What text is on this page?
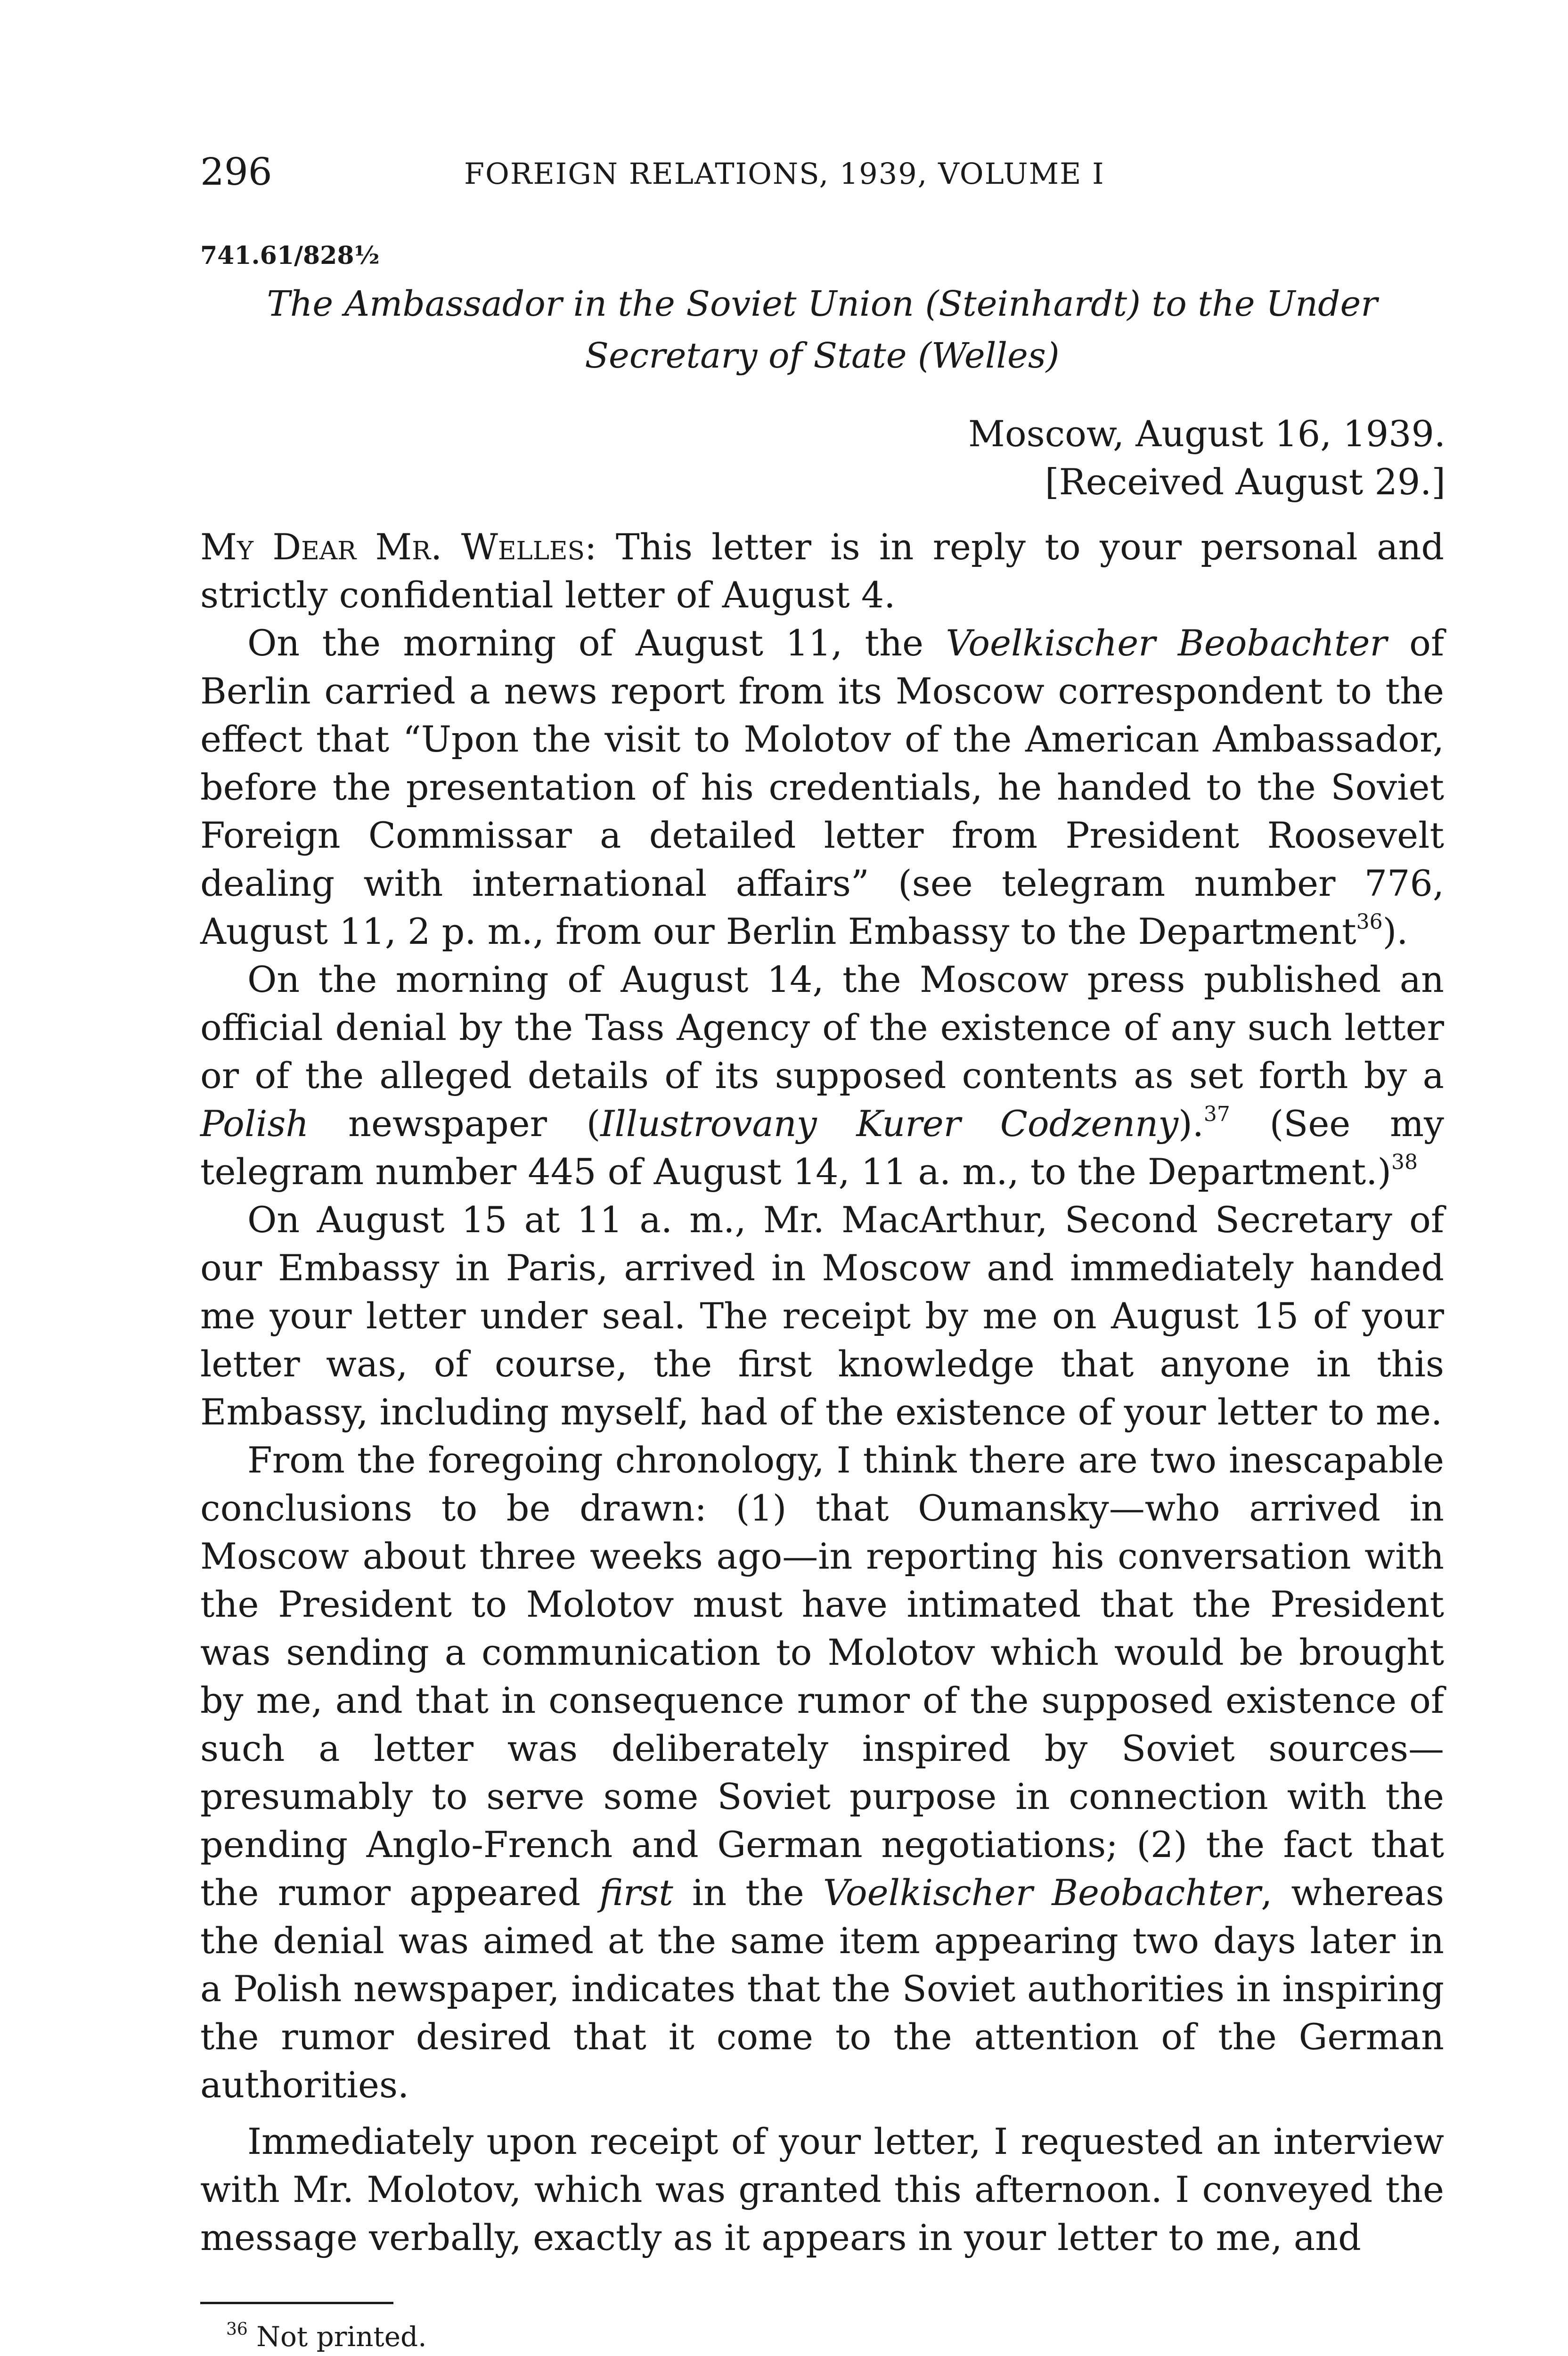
296	FOREIGN RELATIONS, 1939, VOLUME I
741.61/828½
The Ambassador in the Soviet Union (Steinhardt) to the Under
Secretary of State (Welles)
Moscow, August 16, 1939.
[Received August 29.]

My Dear Mr. Welles: This letter is in reply to your personal and strictly confidential letter of August 4.

On the morning of August 11, the Voelkischer Beobachter of Berlin carried a news report from its Moscow correspondent to the effect that “Upon the visit to Molotov of the American Ambassador, before the presentation of his credentials, he handed to the Soviet Foreign Commissar a detailed letter from President Roosevelt dealing with international affairs” (see telegram number 776, August 11, 2 p. m., from our Berlin Embassy to the Department$^{36}$).

On the morning of August 14, the Moscow press published an official denial by the Tass Agency of the existence of any such letter or of the alleged details of its supposed contents as set forth by a Polish newspaper (Illustrovany Kurer Codzenny).$^{37}$ (See my telegram number 445 of August 14, 11 a. m., to the Department.)$^{38}$

On August 15 at 11 a. m., Mr. MacArthur, Second Secretary of our Embassy in Paris, arrived in Moscow and immediately handed me your letter under seal. The receipt by me on August 15 of your letter was, of course, the first knowledge that anyone in this Embassy, including myself, had of the existence of your letter to me.

From the foregoing chronology, I think there are two inescapable conclusions to be drawn: (1) that Oumansky—who arrived in Moscow about three weeks ago—in reporting his conversation with the President to Molotov must have intimated that the President was sending a communication to Molotov which would be brought by me, and that in consequence rumor of the supposed existence of such a letter was deliberately inspired by Soviet sources—presumably to serve some Soviet purpose in connection with the pending Anglo-French and German negotiations; (2) the fact that the rumor appeared first in the Voelkischer Beobachter, whereas the denial was aimed at the same item appearing two days later in a Polish newspaper, indicates that the Soviet authorities in inspiring the rumor desired that it come to the attention of the German authorities.

Immediately upon receipt of your letter, I requested an interview with Mr. Molotov, which was granted this afternoon. I conveyed the message verbally, exactly as it appears in your letter to me, and

$^{36}$ Not printed.
